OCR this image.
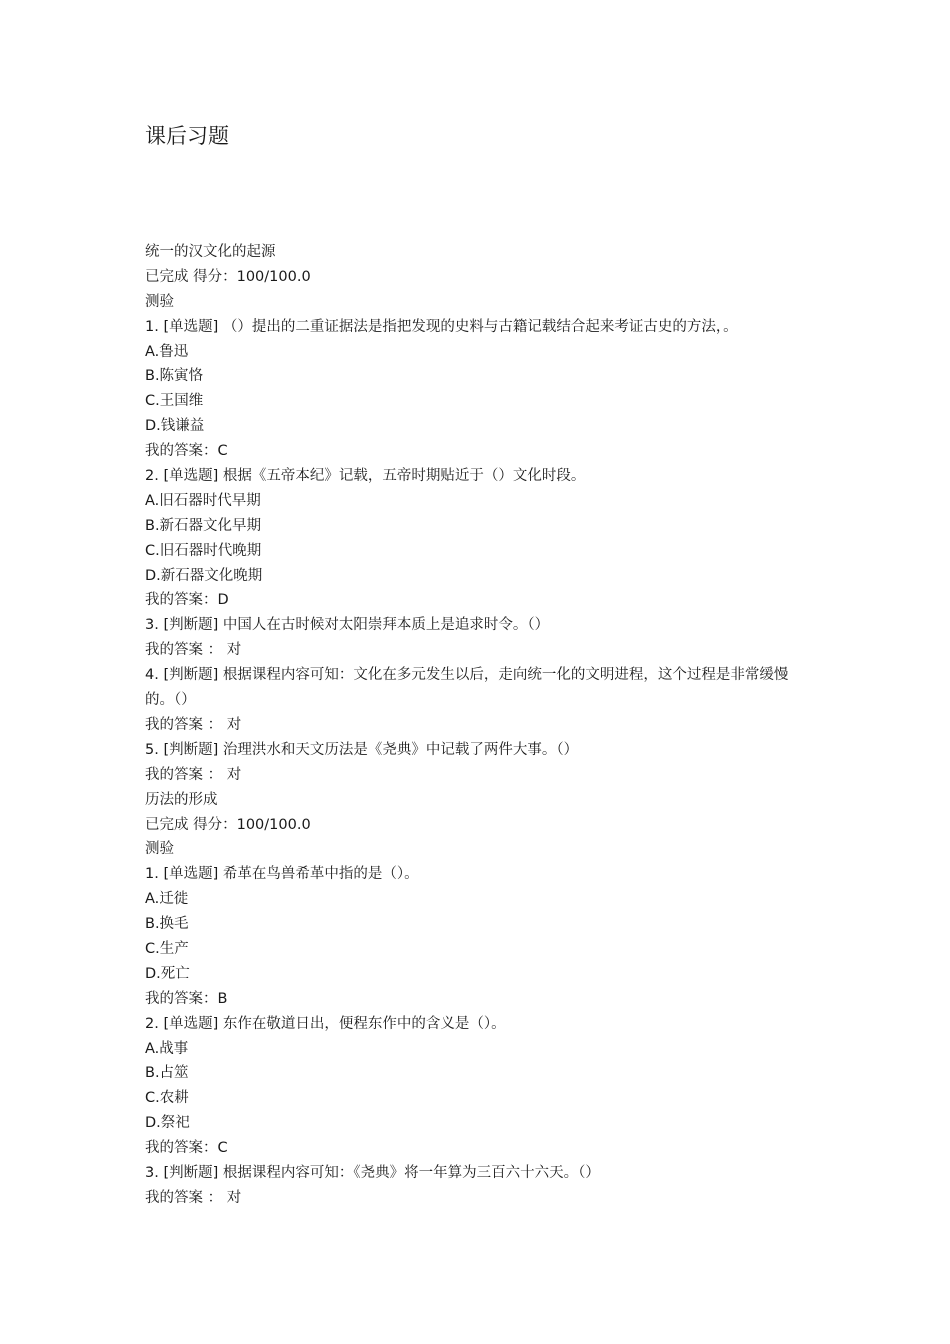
课后习题
统一的汉文化的起源
已完成 得分：100/100.0
测验
1. [单选题] （）提出的二重证据法是指把发现的史料与古籍记载结合起来考证古史的方法，。
A.鲁迅
B.陈寅恪
C.王国维
D.钱谦益
我的答案：C
2. [单选题] 根据《五帝本纪》记载，五帝时期贴近于（）文化时段。
A.旧石器时代早期
B.新石器文化早期
C.旧石器时代晚期
D.新石器文化晚期
我的答案：D
3. [判断题] 中国人在古时候对太阳崇拜本质上是追求时令。（）
我的答案 ： 对
4. [判断题] 根据课程内容可知：文化在多元发生以后，走向统一化的文明进程，这个过程是非常缓慢的。（）
我的答案 ： 对
5. [判断题] 治理洪水和天文历法是《尧典》中记载了两件大事。（）
我的答案 ： 对
历法的形成
已完成 得分：100/100.0
测验
1. [单选题] 希革在鸟兽希革中指的是（）。
A.迁徙
B.换毛
C.生产
D.死亡
我的答案：B
2. [单选题] 东作在敬道日出，便程东作中的含义是（）。
A.战事
B.占筮
C.农耕
D.祭祀
我的答案：C
3. [判断题] 根据课程内容可知：《尧典》将一年算为三百六十六天。（）
我的答案 ： 对
